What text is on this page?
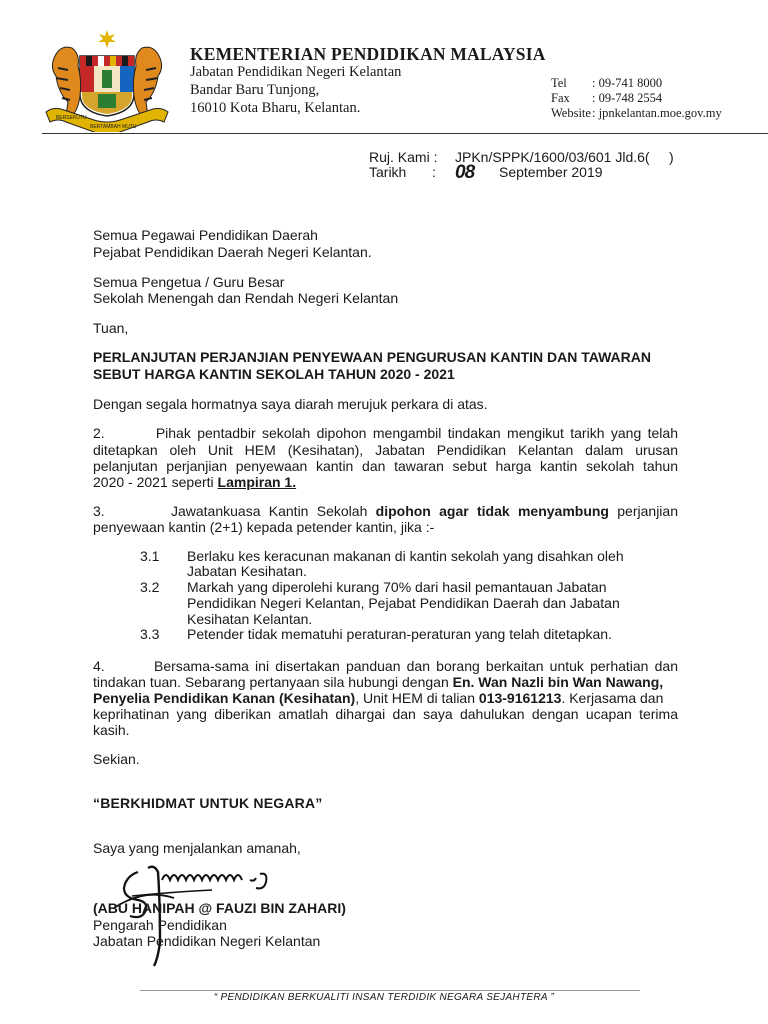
BERSEKUTU
BERTAMBAH MUTU
KEMENTERIAN PENDIDIKAN MALAYSIA
Jabatan Pendidikan Negeri Kelantan
Bandar Baru Tunjong,
16010 Kota Bharu, Kelantan.
Tel : 09-741 8000
Fax : 09-748 2554
Website : jpnkelantan.moe.gov.my
Ruj. Kami : JPKn/SPPK/1600/03/601 Jld.6(     )
Tarikh : 08 September 2019
Semua Pegawai Pendidikan Daerah
Pejabat Pendidikan Daerah Negeri Kelantan.
Semua Pengetua / Guru Besar
Sekolah Menengah dan Rendah Negeri Kelantan
Tuan,
PERLANJUTAN PERJANJIAN PENYEWAAN PENGURUSAN KANTIN DAN TAWARAN
SEBUT HARGA KANTIN SEKOLAH TAHUN 2020 - 2021
Dengan segala hormatnya saya diarah merujuk perkara di atas.
2.        Pihak pentadbir sekolah dipohon mengambil tindakan mengikut tarikh yang telah
ditetapkan oleh Unit HEM (Kesihatan), Jabatan Pendidikan Kelantan dalam urusan
pelanjutan perjanjian penyewaan kantin dan tawaran sebut harga kantin sekolah tahun
2020 - 2021 seperti Lampiran 1.
3.        Jawatankuasa Kantin Sekolah dipohon agar tidak menyambung perjanjian
penyewaan kantin (2+1) kepada petender kantin, jika :-
3.1 Berlaku kes keracunan makanan di kantin sekolah yang disahkan oleh
Jabatan Kesihatan.
3.2 Markah yang diperolehi kurang 70% dari hasil pemantauan Jabatan
Pendidikan Negeri Kelantan, Pejabat Pendidikan Daerah dan Jabatan
Kesihatan Kelantan.
3.3 Petender tidak mematuhi peraturan-peraturan yang telah ditetapkan.
4.        Bersama-sama ini disertakan panduan dan borang berkaitan untuk perhatian dan
tindakan tuan. Sebarang pertanyaan sila hubungi dengan En. Wan Nazli bin Wan Nawang,
Penyelia Pendidikan Kanan (Kesihatan), Unit HEM di talian 013-9161213. Kerjasama dan
keprihatinan yang diberikan amatlah dihargai dan saya dahulukan dengan ucapan terima
kasih.
Sekian.
“BERKHIDMAT UNTUK NEGARA”
Saya yang menjalankan amanah,
(ABU HANIPAH @ FAUZI BIN ZAHARI)
Pengarah Pendidikan
Jabatan Pendidikan Negeri Kelantan
“ PENDIDIKAN BERKUALITI INSAN TERDIDIK NEGARA SEJAHTERA ”
